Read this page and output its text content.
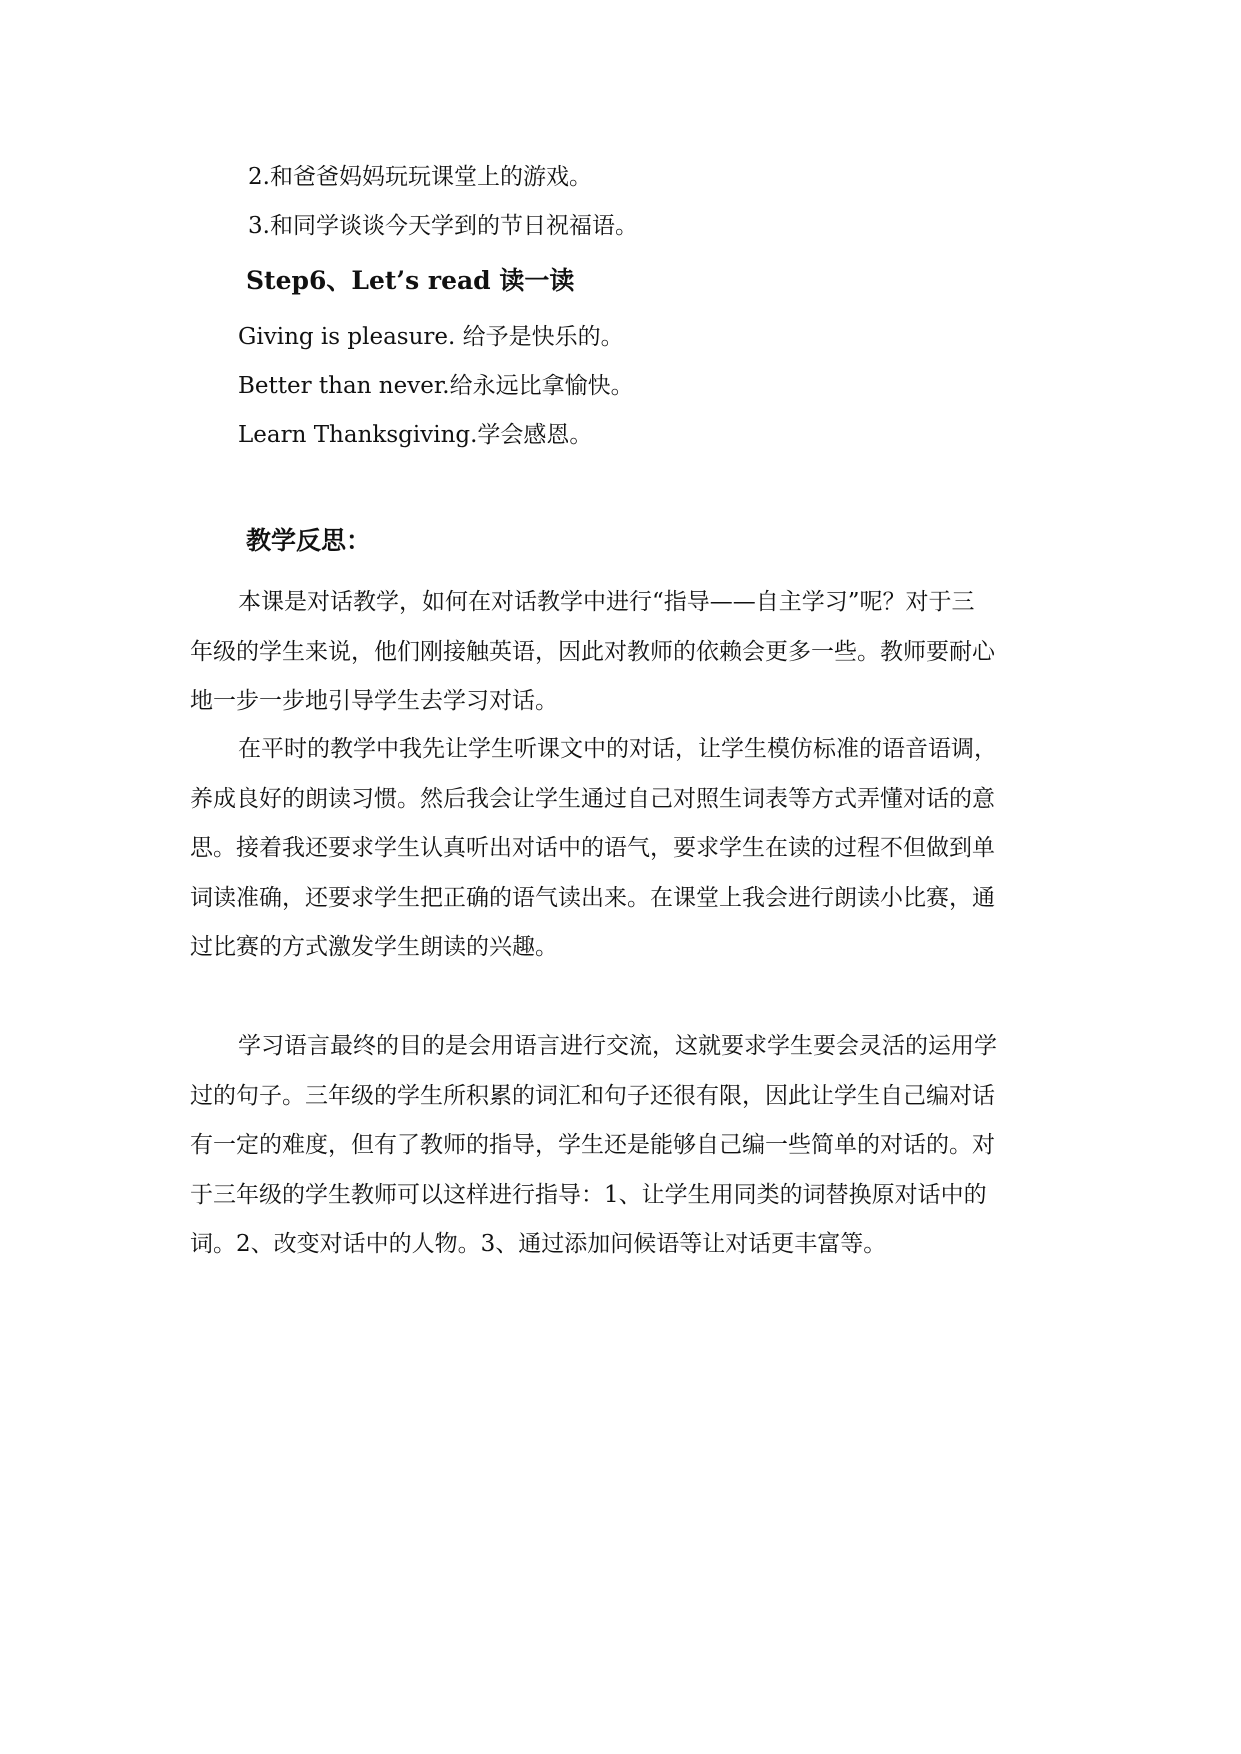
2.和爸爸妈妈玩玩课堂上的游戏。
3.和同学谈谈今天学到的节日祝福语。
Step6、Let’s read 读一读
Giving is pleasure. 给予是快乐的。
Better than never.给永远比拿愉快。
Learn Thanksgiving.学会感恩。
教学反思：
本课是对话教学，如何在对话教学中进行“指导——自主学习”呢？对于三
年级的学生来说，他们刚接触英语，因此对教师的依赖会更多一些。教师要耐心
地一步一步地引导学生去学习对话。
在平时的教学中我先让学生听课文中的对话，让学生模仿标准的语音语调，
养成良好的朗读习惯。然后我会让学生通过自己对照生词表等方式弄懂对话的意
思。接着我还要求学生认真听出对话中的语气，要求学生在读的过程不但做到单
词读准确，还要求学生把正确的语气读出来。在课堂上我会进行朗读小比赛，通
过比赛的方式激发学生朗读的兴趣。
学习语言最终的目的是会用语言进行交流，这就要求学生要会灵活的运用学
过的句子。三年级的学生所积累的词汇和句子还很有限，因此让学生自己编对话
有一定的难度，但有了教师的指导，学生还是能够自己编一些简单的对话的。对
于三年级的学生教师可以这样进行指导：1、让学生用同类的词替换原对话中的
词。2、改变对话中的人物。3、通过添加问候语等让对话更丰富等。
